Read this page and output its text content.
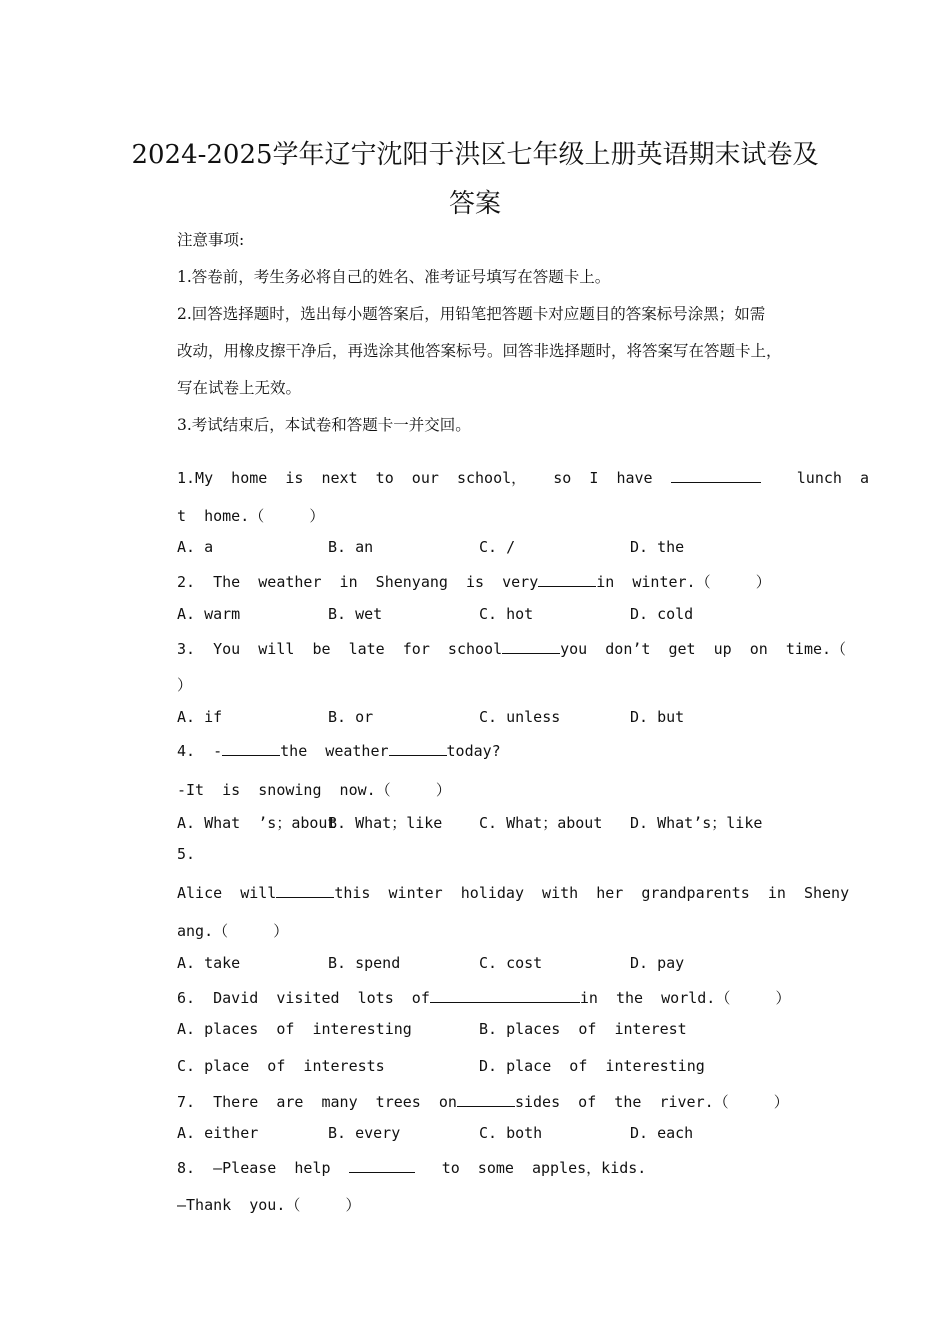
2024-2025学年辽宁沈阳于洪区七年级上册英语期末试卷及
答案
注意事项:
1.答卷前，考生务必将自己的姓名、准考证号填写在答题卡上。
2.回答选择题时，选出每小题答案后，用铅笔把答题卡对应题目的答案标号涂黑；如需
改动，用橡皮擦干净后，再选涂其他答案标号。回答非选择题时，将答案写在答题卡上，
写在试卷上无效。
3.考试结束后，本试卷和答题卡一并交回。
1.My  home  is  next  to  our  school，   so  I  have	lunch  a
t  home.（     ）
A. a	B. an	C. /	D. the
2.  The  weather  in  Shenyang  is  very	in  winter.（     ）
A. warm	B. wet	C. hot	D. cold
3.  You  will  be  late  for  school	you  don’t  get  up  on  time.（
）
A. if	B. or	C. unless	D. but
4.  -	the  weather	today?
-It  is  snowing  now.（     ）
A. What  ’s；about
B. What；like C. What；about D. What’s；like
5.
Alice  will	this  winter  holiday  with  her  grandparents  in  Sheny
ang.（     ）
A. take	B. spend	C. cost	D. pay
6.  David  visited  lots  of	in  the  world.（     ）
A. places  of  interesting	B. places  of  interest
C. place  of  interests	D. place  of  interesting
7.  There  are  many  trees  on	sides  of  the  river.（     ）
A. either	B. every	C. both	D. each
8.  —Please  help	to  some  apples，kids.
—Thank  you.（     ）
